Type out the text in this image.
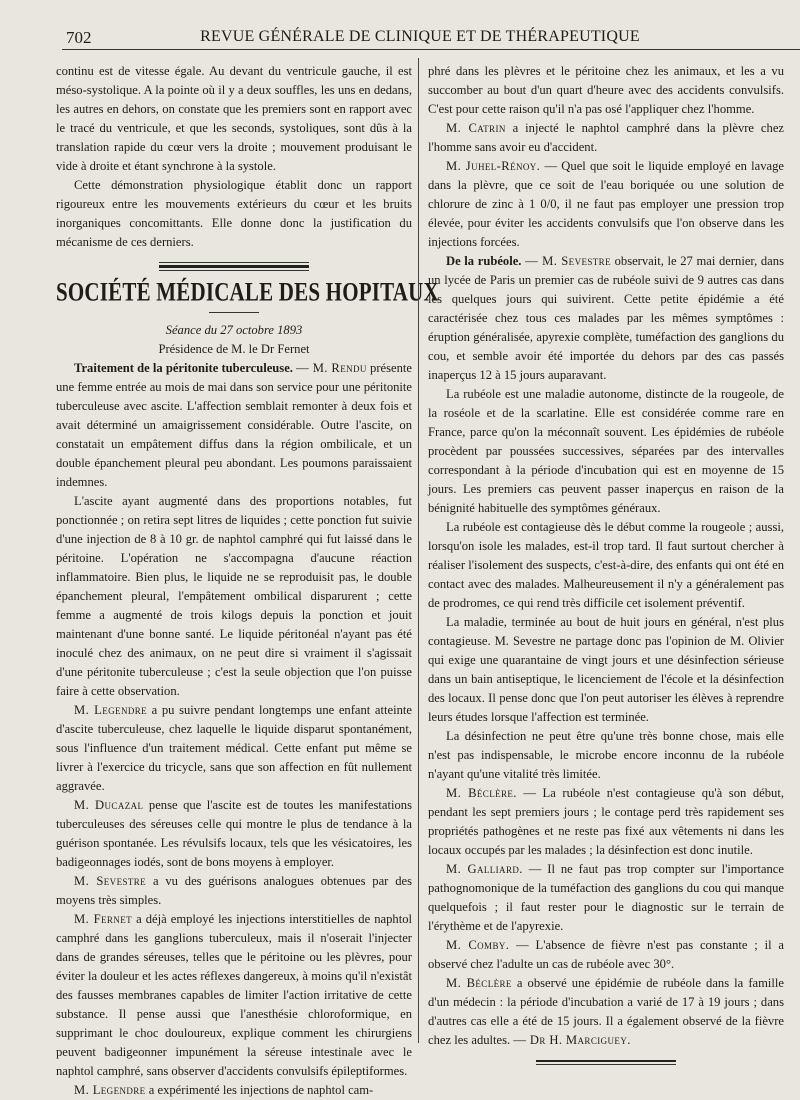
702	REVUE GÉNÉRALE DE CLINIQUE ET DE THÉRAPEUTIQUE

continu est de vitesse égale. Au devant du ventricule gauche, il est méso-systolique. A la pointe où il y a deux souffles, les uns en dedans, les autres en dehors, on constate que les premiers sont en rapport avec le tracé du ventricule, et que les seconds, systoliques, sont dûs à la translation rapide du cœur vers la droite ; mouvement produisant le vide à droite et étant synchrone à la systole.

Cette démonstration physiologique établit donc un rapport rigoureux entre les mouvements extérieurs du cœur et les bruits inorganiques concomittants. Elle donne donc la justification du mécanisme de ces derniers.

SOCIÉTÉ MÉDICALE DES HOPITAUX

Séance du 27 octobre 1893

Présidence de M. le Dr Fernet

Traitement de la péritonite tuberculeuse. — M. Rendu présente une femme entrée au mois de mai dans son service pour une péritonite tuberculeuse avec ascite. L'affection semblait remonter à deux fois et avait déterminé un amaigrissement considérable. Outre l'ascite, on constatait un empâtement diffus dans la région ombilicale, et un double épanchement pleural peu abondant. Les poumons paraissaient indemnes.

L'ascite ayant augmenté dans des proportions notables, fut ponctionnée ; on retira sept litres de liquides ; cette ponction fut suivie d'une injection de 8 à 10 gr. de naphtol camphré qui fut laissé dans le péritoine. L'opération ne s'accompagna d'aucune réaction inflammatoire. Bien plus, le liquide ne se reproduisit pas, le double épanchement pleural, l'empâtement ombilical disparurent ; cette femme a augmenté de trois kilogs depuis la ponction et jouit maintenant d'une bonne santé. Le liquide péritonéal n'ayant pas été inoculé chez des animaux, on ne peut dire si vraiment il s'agissait d'une péritonite tuberculeuse ; c'est la seule objection que l'on puisse faire à cette observation.

M. Legendre a pu suivre pendant longtemps une enfant atteinte d'ascite tuberculeuse, chez laquelle le liquide disparut spontanément, sous l'influence d'un traitement médical. Cette enfant put même se livrer à l'exercice du tricycle, sans que son affection en fût nullement aggravée.

M. Ducazal pense que l'ascite est de toutes les manifestations tuberculeuses des séreuses celle qui montre le plus de tendance à la guérison spontanée. Les révulsifs locaux, tels que les vésicatoires, les badigeonnages iodés, sont de bons moyens à employer.

M. Sevestre a vu des guérisons analogues obtenues par des moyens très simples.

M. Fernet a déjà employé les injections interstitielles de naphtol camphré dans les ganglions tuberculeux, mais il n'oserait l'injecter dans de grandes séreuses, telles que le péritoine ou les plèvres, pour éviter la douleur et les actes réflexes dangereux, à moins qu'il n'existât des fausses membranes capables de limiter l'action irritative de cette substance. Il pense aussi que l'anesthésie chloroformique, en supprimant le choc douloureux, explique comment les chirurgiens peuvent badigeonner impunément la séreuse intestinale avec le naphtol camphré, sans observer d'accidents convulsifs épileptiformes.

M. Legendre a expérimenté les injections de naphtol cam-

phré dans les plèvres et le péritoine chez les animaux, et les a vu succomber au bout d'un quart d'heure avec des accidents convulsifs. C'est pour cette raison qu'il n'a pas osé l'appliquer chez l'homme.

M. Catrin a injecté le naphtol camphré dans la plèvre chez l'homme sans avoir eu d'accident.

M. Juhel-Rénoy. — Quel que soit le liquide employé en lavage dans la plèvre, que ce soit de l'eau boriquée ou une solution de chlorure de zinc à 1 0/0, il ne faut pas employer une pression trop élevée, pour éviter les accidents convulsifs que l'on observe dans les injections forcées.

De la rubéole. — M. Sevestre observait, le 27 mai dernier, dans un lycée de Paris un premier cas de rubéole suivi de 9 autres cas dans les quelques jours qui suivirent. Cette petite épidémie a été caractérisée chez tous ces malades par les mêmes symptômes : éruption généralisée, apyrexie complète, tuméfaction des ganglions du cou, et semble avoir été importée du dehors par des cas passés inaperçus 12 à 15 jours auparavant.

La rubéole est une maladie autonome, distincte de la rougeole, de la roséole et de la scarlatine. Elle est considérée comme rare en France, parce qu'on la méconnaît souvent. Les épidémies de rubéole procèdent par poussées successives, séparées par des intervalles correspondant à la période d'incubation qui est en moyenne de 15 jours. Les premiers cas peuvent passer inaperçus en raison de la bénignité habituelle des symptômes généraux.

La rubéole est contagieuse dès le début comme la rougeole ; aussi, lorsqu'on isole les malades, est-il trop tard. Il faut surtout chercher à réaliser l'isolement des suspects, c'est-à-dire, des enfants qui ont été en contact avec des malades. Malheureusement il n'y a généralement pas de prodromes, ce qui rend très difficile cet isolement préventif.

La maladie, terminée au bout de huit jours en général, n'est plus contagieuse. M. Sevestre ne partage donc pas l'opinion de M. Olivier qui exige une quarantaine de vingt jours et une désinfection sérieuse dans un bain antiseptique, le licenciement de l'école et la désinfection des locaux. Il pense donc que l'on peut autoriser les élèves à reprendre leurs études lorsque l'affection est terminée.

La désinfection ne peut être qu'une très bonne chose, mais elle n'est pas indispensable, le microbe encore inconnu de la rubéole n'ayant qu'une vitalité très limitée.

M. Béclère. — La rubéole n'est contagieuse qu'à son début, pendant les sept premiers jours ; le contage perd très rapidement ses propriétés pathogènes et ne reste pas fixé aux vêtements ni dans les locaux occupés par les malades ; la désinfection est donc inutile.

M. Galliard. — Il ne faut pas trop compter sur l'importance pathognomonique de la tuméfaction des ganglions du cou qui manque quelquefois ; il faut rester pour le diagnostic sur le terrain de l'érythème et de l'apyrexie.

M. Comby. — L'absence de fièvre n'est pas constante ; il a observé chez l'adulte un cas de rubéole avec 30°.

M. Béclère a observé une épidémie de rubéole dans la famille d'un médecin : la période d'incubation a varié de 17 à 19 jours ; dans d'autres cas elle a été de 15 jours. Il a également observé de la fièvre chez les adultes. — Dr H. Marciguey.
